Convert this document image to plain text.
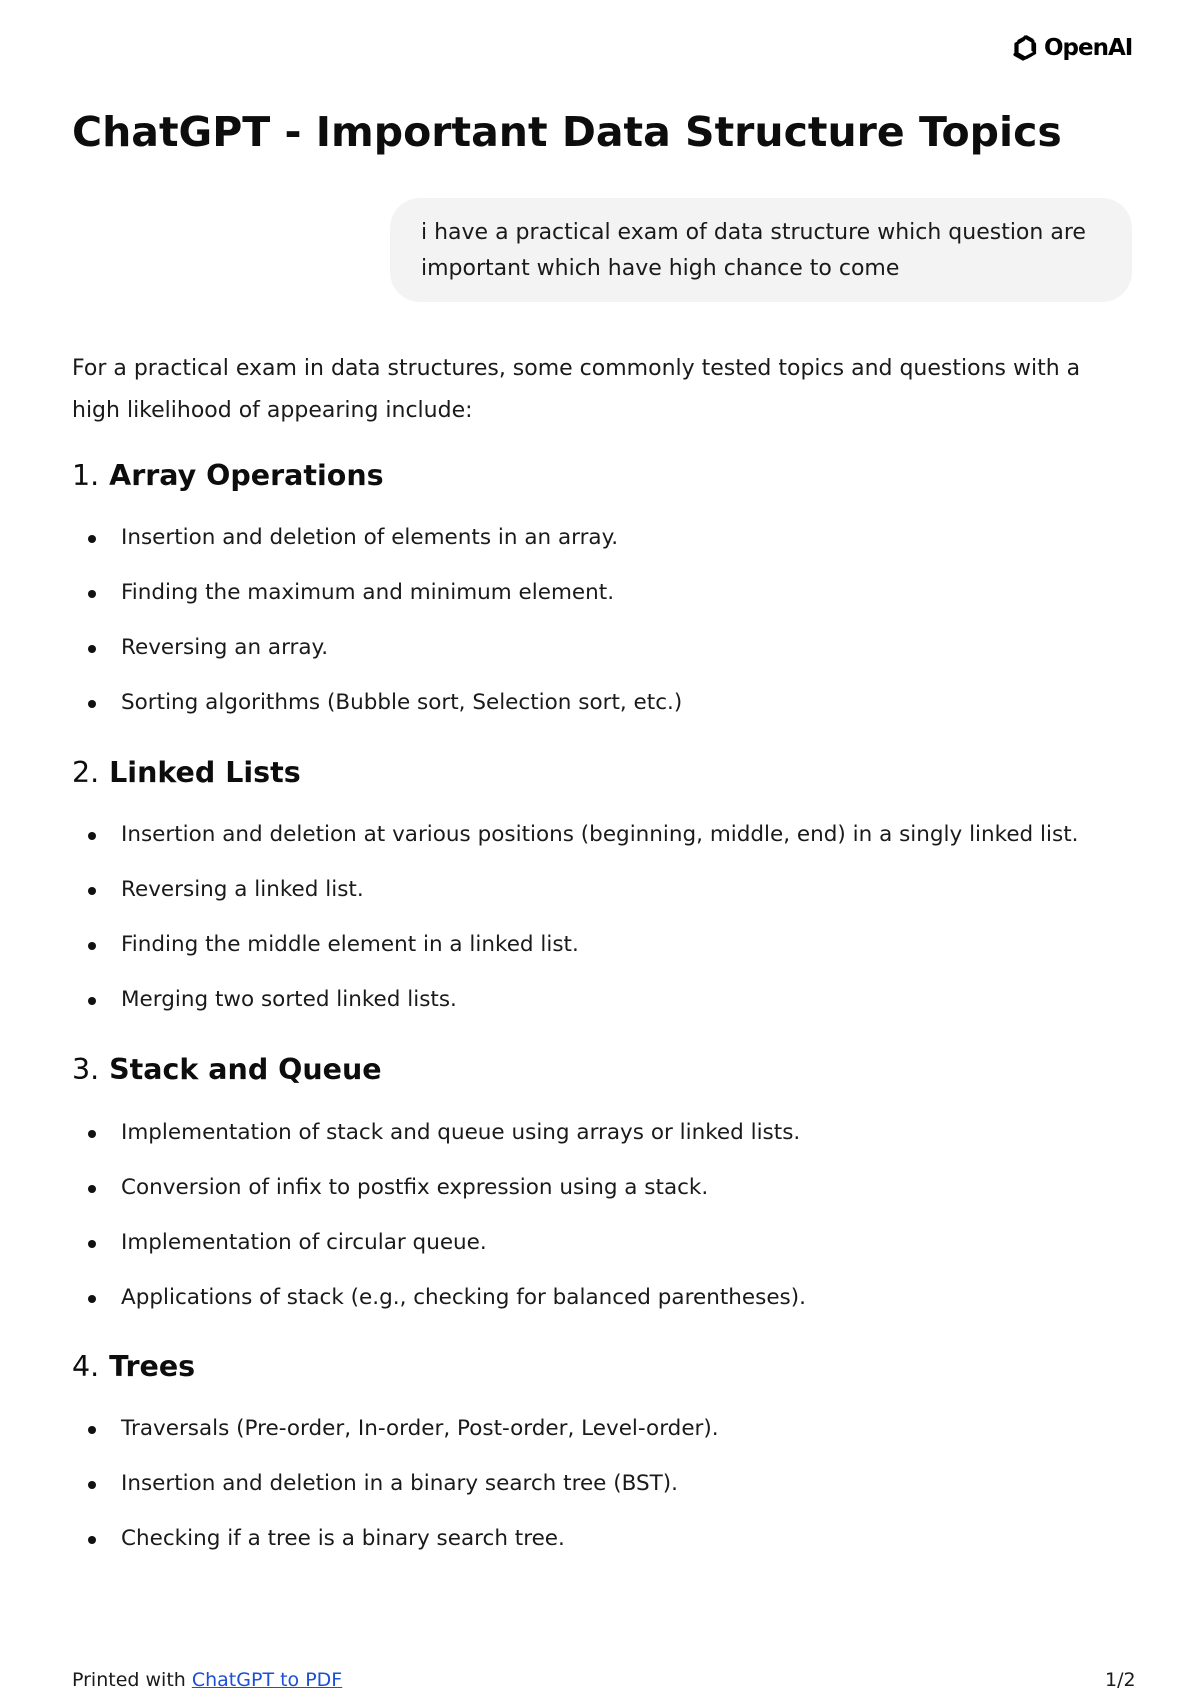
OpenAI
ChatGPT - Important Data Structure Topics
i have a practical exam of data structure which question are important which have high chance to come

For a practical exam in data structures, some commonly tested topics and questions with a high likelihood of appearing include:

1. Array Operations
Insertion and deletion of elements in an array.
Finding the maximum and minimum element.
Reversing an array.
Sorting algorithms (Bubble sort, Selection sort, etc.)
2. Linked Lists
Insertion and deletion at various positions (beginning, middle, end) in a singly linked list.
Reversing a linked list.
Finding the middle element in a linked list.
Merging two sorted linked lists.
3. Stack and Queue
Implementation of stack and queue using arrays or linked lists.
Conversion of infix to postfix expression using a stack.
Implementation of circular queue.
Applications of stack (e.g., checking for balanced parentheses).
4. Trees
Traversals (Pre-order, In-order, Post-order, Level-order).
Insertion and deletion in a binary search tree (BST).
Checking if a tree is a binary search tree.
Printed with ChatGPT to PDF	1/2
